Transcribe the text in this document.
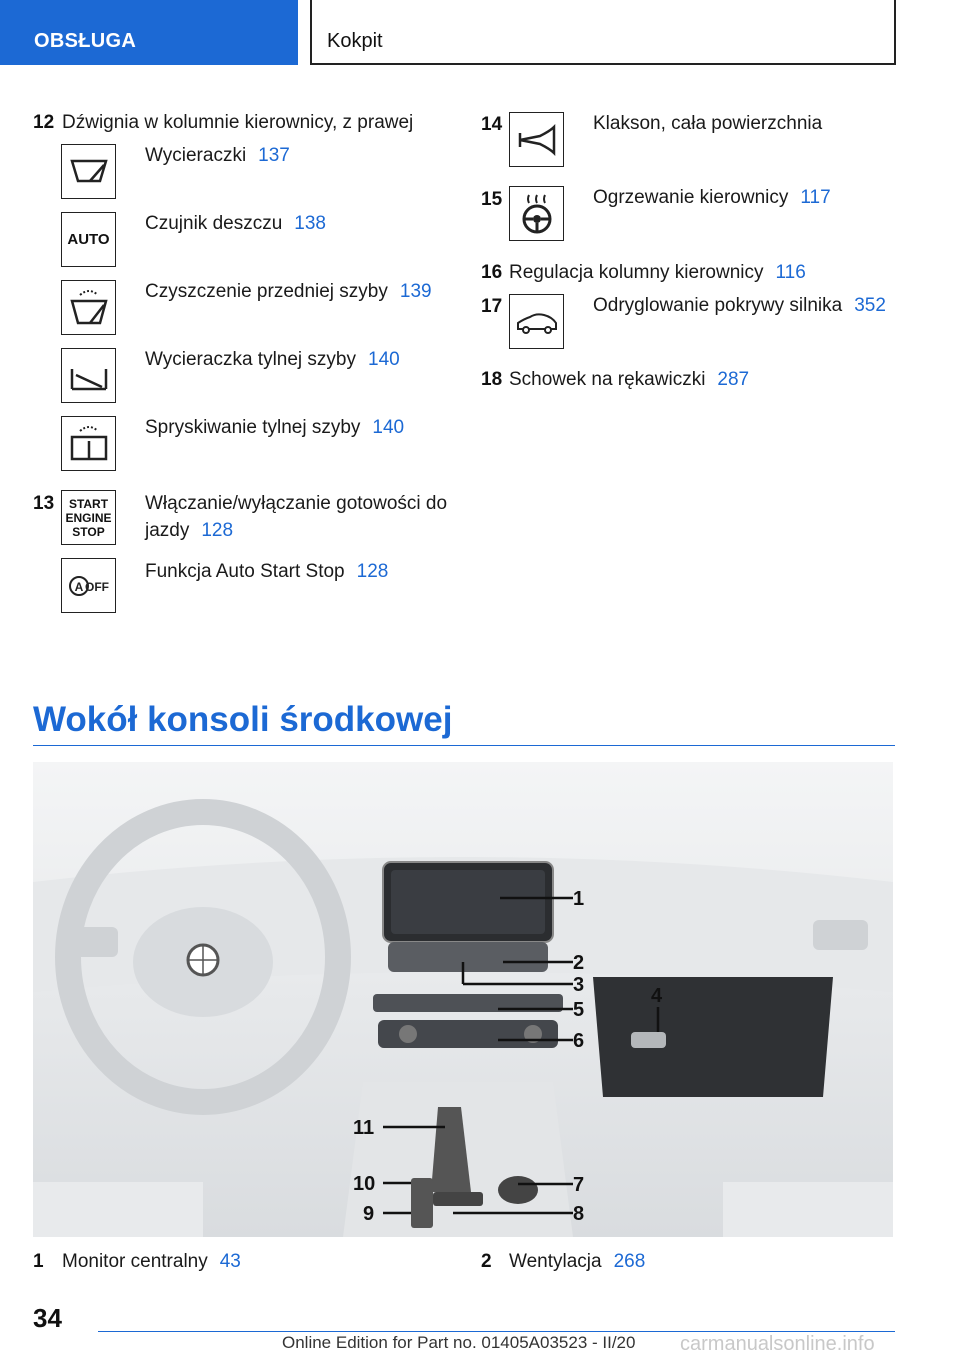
OBSŁUGA	Kokpit
12 Dźwignia w kolumnie kierownicy, z prawej
Wycieraczki 137
AUTO
Czujnik deszczu 138
Czyszczenie przedniej szyby 139
Wycieraczka tylnej szyby 140
Spryskiwanie tylnej szyby 140
13 START
ENGINE
STOP
Włączanie/wyłączanie gotowości do
jazdy 128
A OFF
Funkcja Auto Start Stop 128
14	Klakson, cała powierzchnia
15	Ogrzewanie kierownicy 117
16 Regulacja kolumny kierownicy 116
17	Odryglowanie pokrywy silnika 352
18 Schowek na rękawiczki 287
Wokół konsoli środkowej
1
2
3	4
5
6
7
8
9
10
11
1 Monitor centralny 43	2 Wentylacja 268
34
Online Edition for Part no. 01405A03523 - II/20 carmanualsonline.info
